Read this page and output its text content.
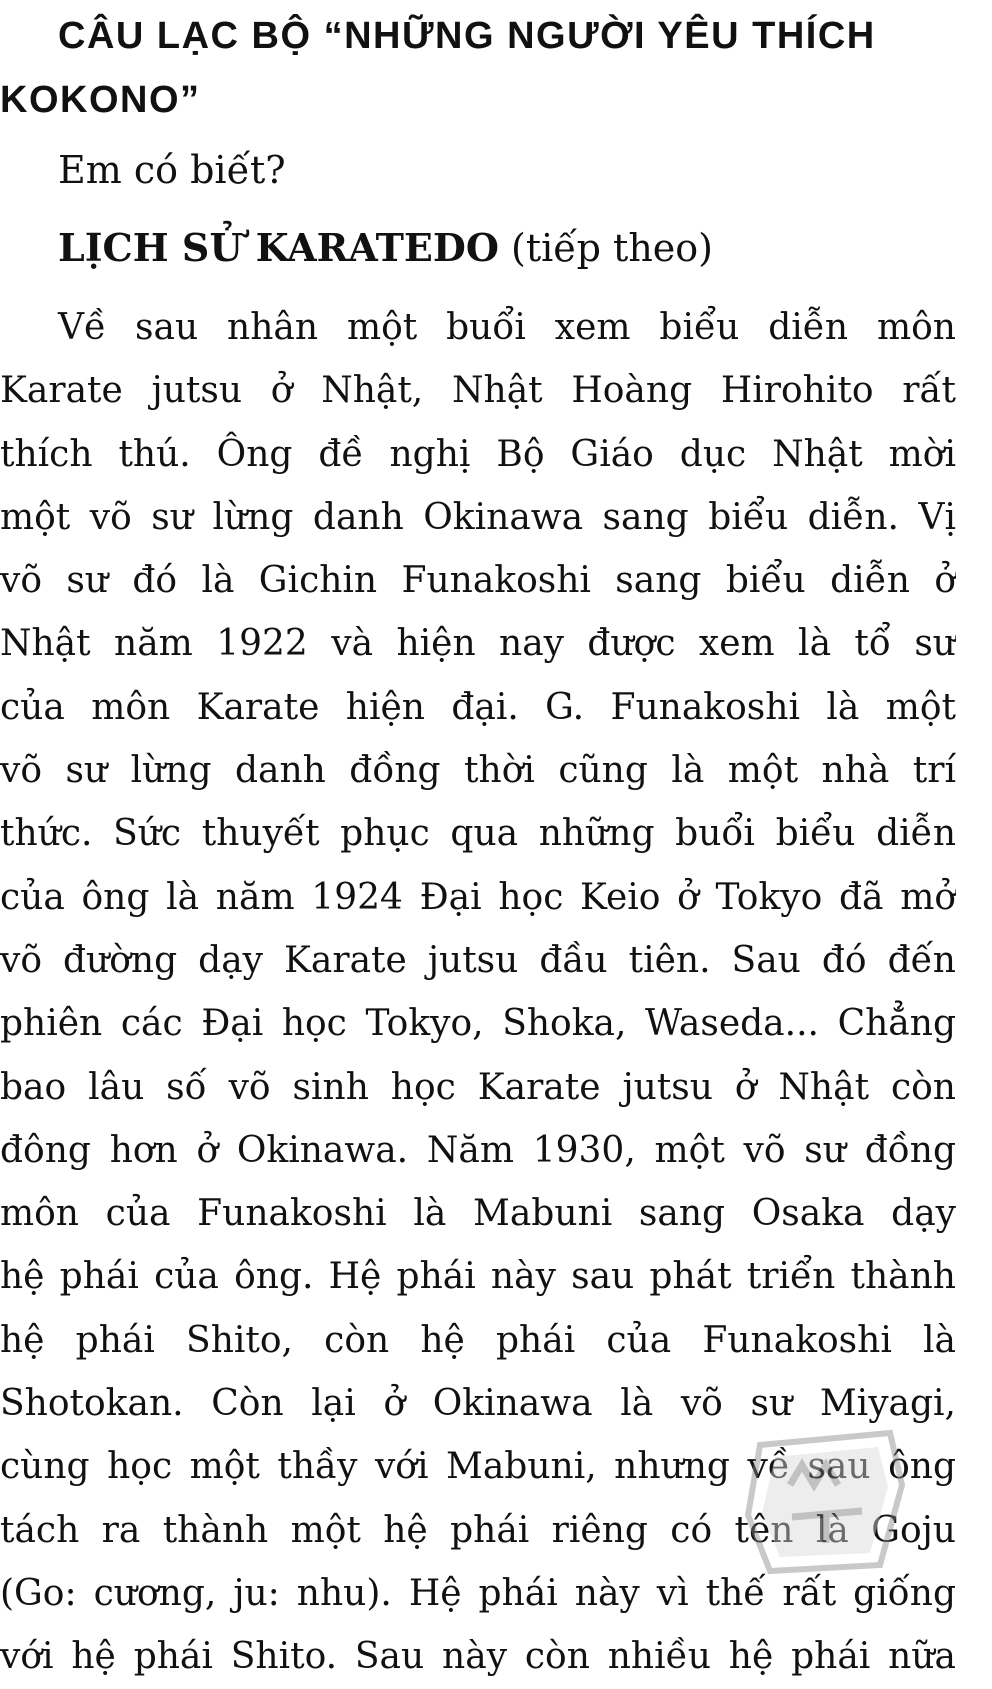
CÂU LẠC BỘ “NHỮNG NGƯỜI YÊU THÍCH KOKONO”

Em có biết?

LỊCH SỬ KARATEDO (tiếp theo)

Về sau nhân một buổi xem biểu diễn môn
Karate jutsu ở Nhật, Nhật Hoàng Hirohito rất
thích thú. Ông đề nghị Bộ Giáo dục Nhật mời
một võ sư lừng danh Okinawa sang biểu diễn. Vị
võ sư đó là Gichin Funakoshi sang biểu diễn ở
Nhật năm 1922 và hiện nay được xem là tổ sư
của môn Karate hiện đại. G. Funakoshi là một
võ sư lừng danh đồng thời cũng là một nhà trí
thức. Sức thuyết phục qua những buổi biểu diễn
của ông là năm 1924 Đại học Keio ở Tokyo đã mở
võ đường dạy Karate jutsu đầu tiên. Sau đó đến
phiên các Đại học Tokyo, Shoka, Waseda... Chẳng
bao lâu số võ sinh học Karate jutsu ở Nhật còn
đông hơn ở Okinawa. Năm 1930, một võ sư đồng
môn của Funakoshi là Mabuni sang Osaka dạy
hệ phái của ông. Hệ phái này sau phát triển thành
hệ phái Shito, còn hệ phái của Funakoshi là
Shotokan. Còn lại ở Okinawa là võ sư Miyagi,
cùng học một thầy với Mabuni, nhưng về sau ông
tách ra thành một hệ phái riêng có tên là Goju
(Go: cương, ju: nhu). Hệ phái này vì thế rất giống
với hệ phái Shito. Sau này còn nhiều hệ phái nữa
